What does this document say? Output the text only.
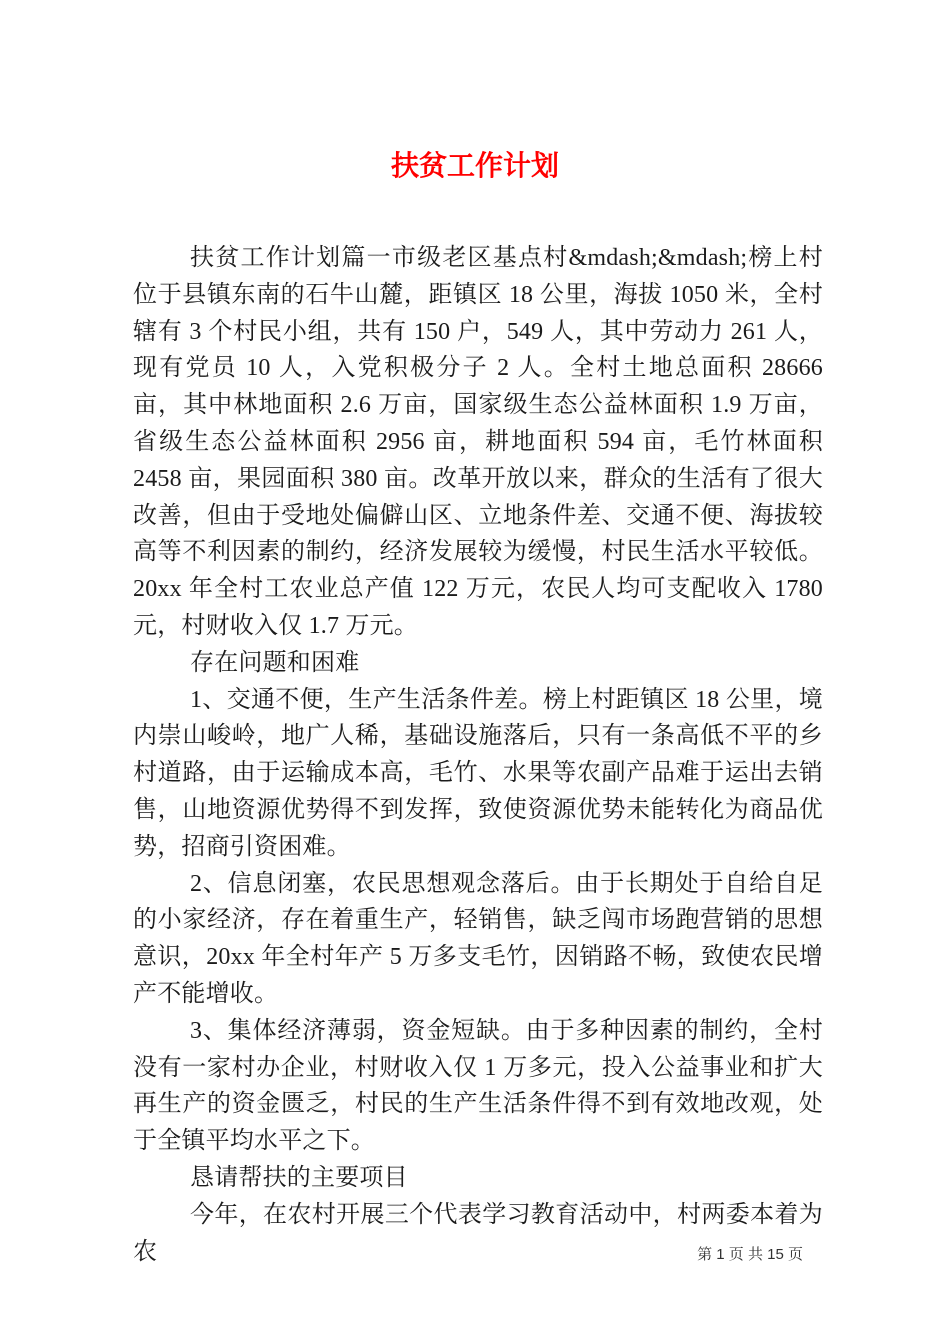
扶贫工作计划

扶贫工作计划篇一市级老区基点村&mdash;&mdash;榜上村位于县镇东南的石牛山麓，距镇区 18 公里，海拔 1050 米，全村辖有 3 个村民小组，共有 150 户，549 人，其中劳动力 261 人，现有党员 10 人，入党积极分子 2 人。全村土地总面积 28666 亩，其中林地面积 2.6 万亩，国家级生态公益林面积 1.9 万亩，省级生态公益林面积 2956 亩，耕地面积 594 亩，毛竹林面积 2458 亩，果园面积 380 亩。改革开放以来，群众的生活有了很大改善，但由于受地处偏僻山区、立地条件差、交通不便、海拔较高等不利因素的制约，经济发展较为缓慢，村民生活水平较低。20xx 年全村工农业总产值 122 万元，农民人均可支配收入 1780 元，村财收入仅 1.7 万元。

存在问题和困难

1、交通不便，生产生活条件差。榜上村距镇区 18 公里，境内崇山峻岭，地广人稀，基础设施落后，只有一条高低不平的乡村道路，由于运输成本高，毛竹、水果等农副产品难于运出去销售，山地资源优势得不到发挥，致使资源优势未能转化为商品优势，招商引资困难。

2、信息闭塞，农民思想观念落后。由于长期处于自给自足的小家经济，存在着重生产，轻销售，缺乏闯市场跑营销的思想意识，20xx 年全村年产 5 万多支毛竹，因销路不畅，致使农民增产不能增收。

3、集体经济薄弱，资金短缺。由于多种因素的制约，全村没有一家村办企业，村财收入仅 1 万多元，投入公益事业和扩大再生产的资金匮乏，村民的生产生活条件得不到有效地改观，处于全镇平均水平之下。

恳请帮扶的主要项目

今年，在农村开展三个代表学习教育活动中，村两委本着为农	第 1 页 共 15 页
